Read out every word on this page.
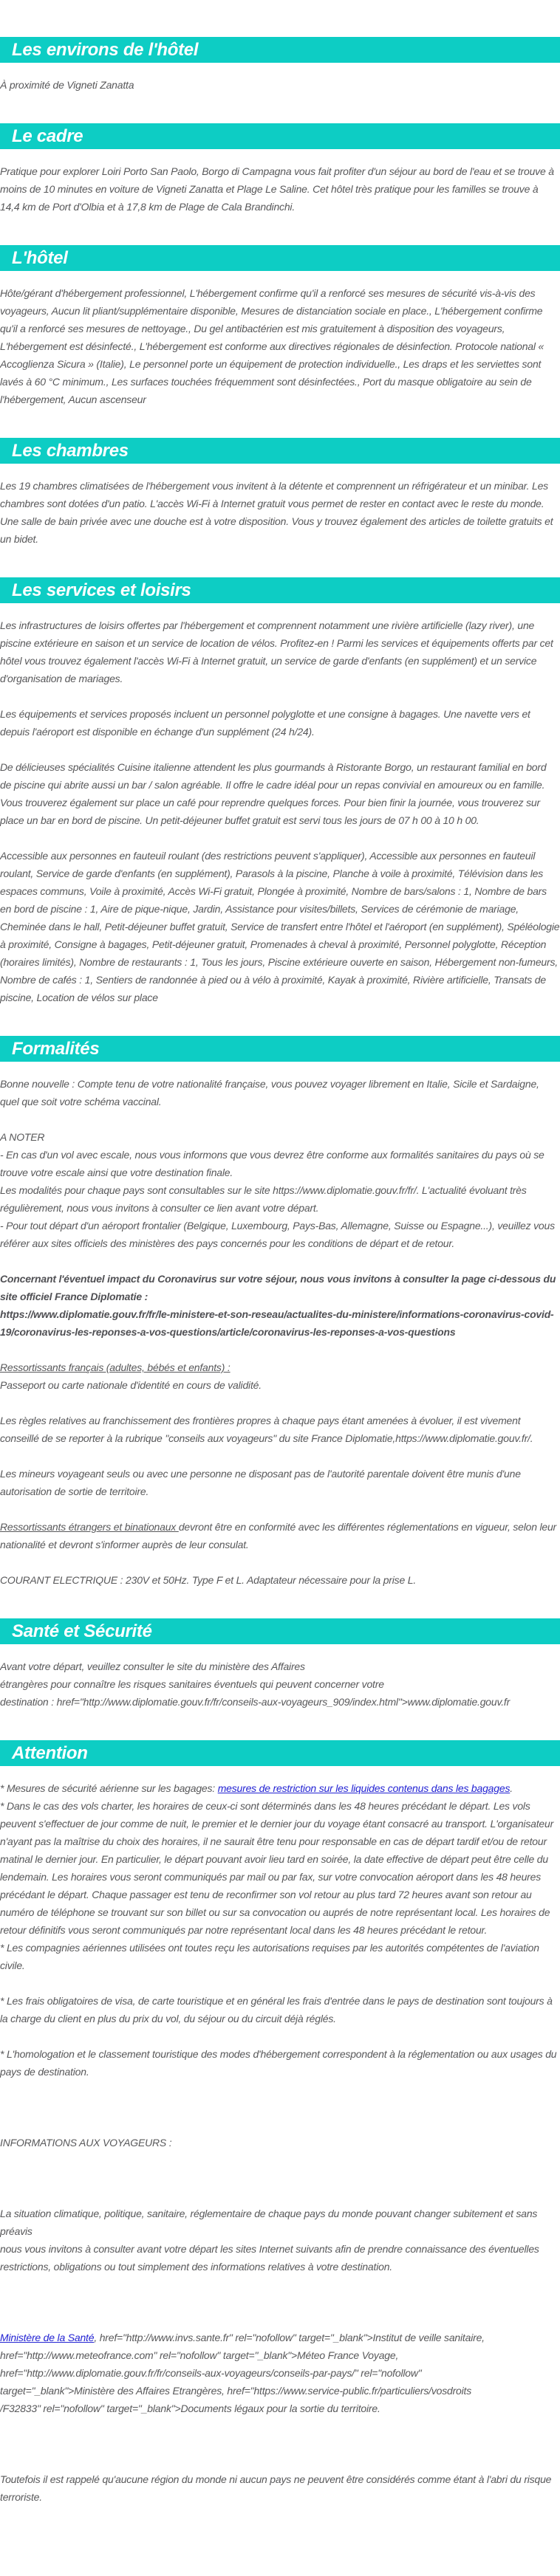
Les environs de l'hôtel

À proximité de Vigneti Zanatta

Le cadre

Pratique pour explorer Loiri Porto San Paolo, Borgo di Campagna vous fait profiter d'un séjour au bord de l'eau et se trouve à moins de 10 minutes en voiture de Vigneti Zanatta et Plage Le Saline. Cet hôtel très pratique pour les familles se trouve à 14,4 km de Port d'Olbia et à 17,8 km de Plage de Cala Brandinchi.

L'hôtel

Hôte/gérant d'hébergement professionnel, L'hébergement confirme qu'il a renforcé ses mesures de sécurité vis-à-vis des voyageurs, Aucun lit pliant/supplémentaire disponible, Mesures de distanciation sociale en place., L'hébergement confirme qu'il a renforcé ses mesures de nettoyage., Du gel antibactérien est mis gratuitement à disposition des voyageurs, L'hébergement est désinfecté., L'hébergement est conforme aux directives régionales de désinfection. Protocole national « Accoglienza Sicura » (Italie), Le personnel porte un équipement de protection individuelle., Les draps et les serviettes sont lavés à 60 °C minimum., Les surfaces touchées fréquemment sont désinfectées., Port du masque obligatoire au sein de l'hébergement, Aucun ascenseur

Les chambres

Les 19 chambres climatisées de l'hébergement vous invitent à la détente et comprennent un réfrigérateur et un minibar. Les chambres sont dotées d'un patio. L'accès Wi-Fi à Internet gratuit vous permet de rester en contact avec le reste du monde. Une salle de bain privée avec une douche est à votre disposition. Vous y trouvez également des articles de toilette gratuits et un bidet.

Les services et loisirs

Les infrastructures de loisirs offertes par l'hébergement et comprennent notamment une rivière artificielle (lazy river), une piscine extérieure en saison et un service de location de vélos. Profitez-en ! Parmi les services et équipements offerts par cet hôtel vous trouvez également l'accès Wi-Fi à Internet gratuit, un service de garde d'enfants (en supplément) et un service d'organisation de mariages.

Les équipements et services proposés incluent un personnel polyglotte et une consigne à bagages. Une navette vers et depuis l'aéroport est disponible en échange d'un supplément (24 h/24).

De délicieuses spécialités Cuisine italienne attendent les plus gourmands à Ristorante Borgo, un restaurant familial en bord de piscine qui abrite aussi un bar / salon agréable. Il offre le cadre idéal pour un repas convivial en amoureux ou en famille. Vous trouverez également sur place un café pour reprendre quelques forces. Pour bien finir la journée, vous trouverez sur place un bar en bord de piscine. Un petit-déjeuner buffet gratuit est servi tous les jours de 07 h 00 à 10 h 00.

Accessible aux personnes en fauteuil roulant (des restrictions peuvent s'appliquer), Accessible aux personnes en fauteuil roulant, Service de garde d'enfants (en supplément), Parasols à la piscine, Planche à voile à proximité, Télévision dans les espaces communs, Voile à proximité, Accès Wi-Fi gratuit, Plongée à proximité, Nombre de bars/salons : 1, Nombre de bars en bord de piscine : 1, Aire de pique-nique, Jardin, Assistance pour visites/billets, Services de cérémonie de mariage, Cheminée dans le hall, Petit-déjeuner buffet gratuit, Service de transfert entre l'hôtel et l'aéroport (en supplément), Spéléologie à proximité, Consigne à bagages, Petit-déjeuner gratuit, Promenades à cheval à proximité, Personnel polyglotte, Réception (horaires limités), Nombre de restaurants : 1, Tous les jours, Piscine extérieure ouverte en saison, Hébergement non-fumeurs, Nombre de cafés : 1, Sentiers de randonnée à pied ou à vélo à proximité, Kayak à proximité, Rivière artificielle, Transats de piscine, Location de vélos sur place

Formalités

Bonne nouvelle : Compte tenu de votre nationalité française, vous pouvez voyager librement en Italie, Sicile et Sardaigne, quel que soit votre schéma vaccinal.

A NOTER
- En cas d'un vol avec escale, nous vous informons que vous devrez être conforme aux formalités sanitaires du pays où se trouve votre escale ainsi que votre destination finale.
Les modalités pour chaque pays sont consultables sur le site https://www.diplomatie.gouv.fr/fr/. L'actualité évoluant très régulièrement, nous vous invitons à consulter ce lien avant votre départ.
- Pour tout départ d'un aéroport frontalier (Belgique, Luxembourg, Pays-Bas, Allemagne, Suisse ou Espagne...), veuillez vous référer aux sites officiels des ministères des pays concernés pour les conditions de départ et de retour.

Concernant l'éventuel impact du Coronavirus sur votre séjour, nous vous invitons à consulter la page ci-dessous du site officiel France Diplomatie :
https://www.diplomatie.gouv.fr/fr/le-ministere-et-son-reseau/actualites-du-ministere/informations-coronavirus-covid-19/coronavirus-les-reponses-a-vos-questions/article/coronavirus-les-reponses-a-vos-questions

Ressortissants français (adultes, bébés et enfants) :
Passeport ou carte nationale d'identité en cours de validité.

Les règles relatives au franchissement des frontières propres à chaque pays étant amenées à évoluer, il est vivement conseillé de se reporter à la rubrique "conseils aux voyageurs" du site France Diplomatie,https://www.diplomatie.gouv.fr/.

Les mineurs voyageant seuls ou avec une personne ne disposant pas de l'autorité parentale doivent être munis d'une autorisation de sortie de territoire.

Ressortissants étrangers et binationaux devront être en conformité avec les différentes réglementations en vigueur, selon leur nationalité et devront s'informer auprès de leur consulat.

COURANT ELECTRIQUE : 230V et 50Hz. Type F et L. Adaptateur nécessaire pour la prise L.

Santé et Sécurité

Avant votre départ, veuillez consulter le site du ministère des Affaires
étrangères pour connaître les risques sanitaires éventuels qui peuvent concerner votre
destination : href="http://www.diplomatie.gouv.fr/fr/conseils-aux-voyageurs_909/index.html">www.diplomatie.gouv.fr

Attention

* Mesures de sécurité aérienne sur les bagages: mesures de restriction sur les liquides contenus dans les bagages.
* Dans le cas des vols charter, les horaires de ceux-ci sont déterminés dans les 48 heures précédant le départ. Les vols peuvent s'effectuer de jour comme de nuit, le premier et le dernier jour du voyage étant consacré au transport. L'organisateur n'ayant pas la maîtrise du choix des horaires, il ne saurait être tenu pour responsable en cas de départ tardif et/ou de retour matinal le dernier jour. En particulier, le départ pouvant avoir lieu tard en soirée, la date effective de départ peut être celle du lendemain. Les horaires vous seront communiqués par mail ou par fax, sur votre convocation aéroport dans les 48 heures précédant le départ. Chaque passager est tenu de reconfirmer son vol retour au plus tard 72 heures avant son retour au numéro de téléphone se trouvant sur son billet ou sur sa convocation ou auprés de notre représentant local. Les horaires de retour définitifs vous seront communiqués par notre représentant local dans les 48 heures précédant le retour.
* Les compagnies aériennes utilisées ont toutes reçu les autorisations requises par les autorités compétentes de l'aviation civile.

* Les frais obligatoires de visa, de carte touristique et en général les frais d'entrée dans le pays de destination sont toujours à la charge du client en plus du prix du vol, du séjour ou du circuit déjà réglés.

* L'homologation et le classement touristique des modes d'hébergement correspondent à la réglementation ou aux usages du pays de destination.

INFORMATIONS AUX VOYAGEURS :

La situation climatique, politique, sanitaire, réglementaire de chaque pays du monde pouvant changer subitement et sans préavis
nous vous invitons à consulter avant votre départ les sites Internet suivants afin de prendre connaissance des éventuelles restrictions, obligations ou tout simplement des informations relatives à votre destination.

Ministère de la Santé, href="http://www.invs.sante.fr" rel="nofollow" target="_blank">Institut de veille sanitaire,
href="http://www.meteofrance.com" rel="nofollow" target="_blank">Méteo France Voyage,
href="http://www.diplomatie.gouv.fr/fr/conseils-aux-voyageurs/conseils-par-pays/" rel="nofollow"
target="_blank">Ministère des Affaires Etrangères, href="https://www.service-public.fr/particuliers/vosdroits
/F32833" rel="nofollow" target="_blank">Documents légaux pour la sortie du territoire.

Toutefois il est rappelé qu'aucune région du monde ni aucun pays ne peuvent être considérés comme étant à l'abri du risque terroriste.
